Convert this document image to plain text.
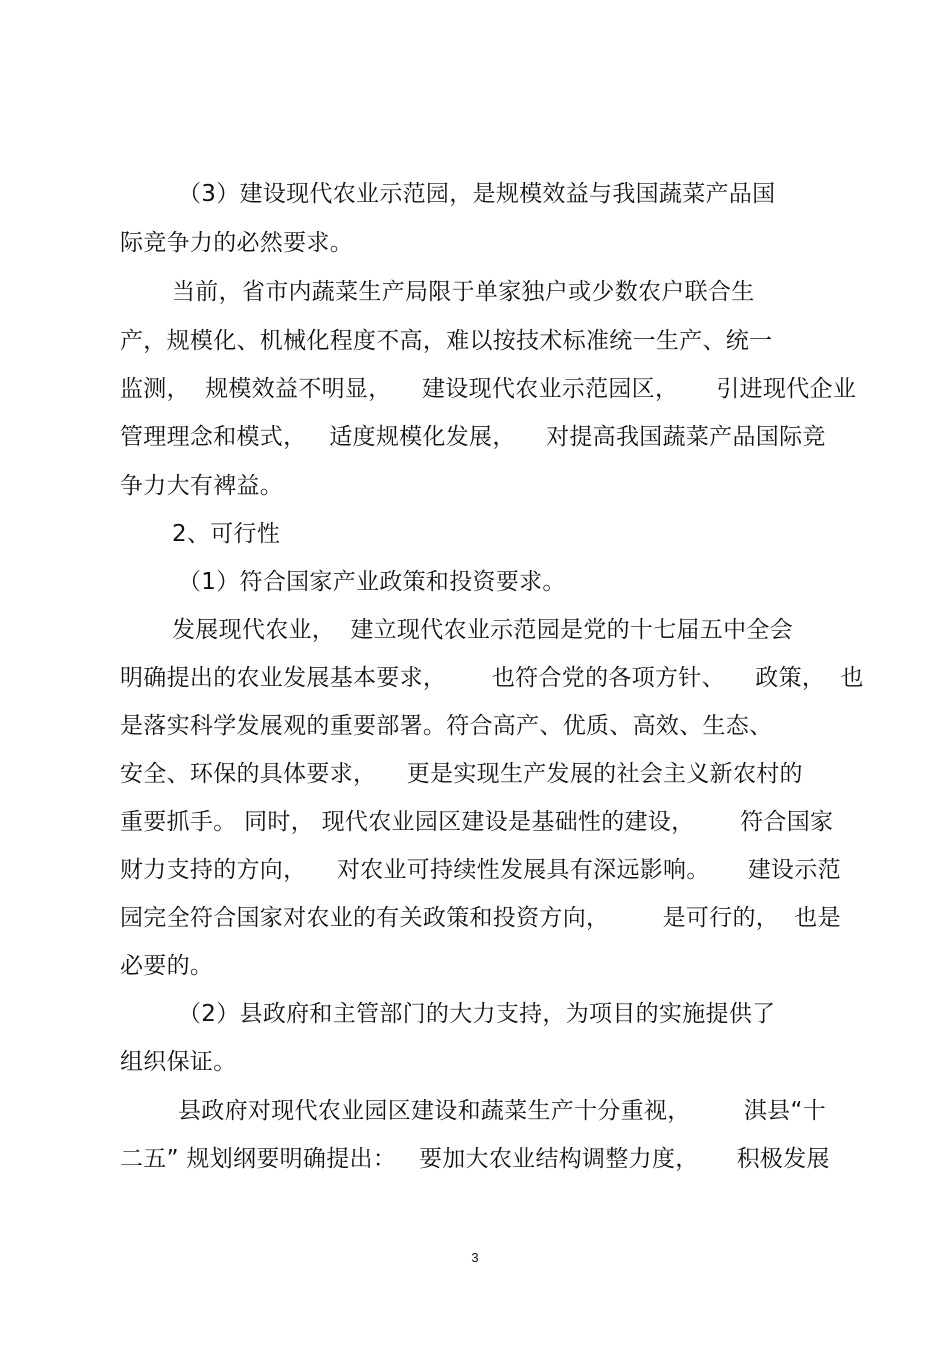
（3）建设现代农业示范园，是规模效益与我国蔬菜产品国
际竞争力的必然要求。
当前，省市内蔬菜生产局限于单家独户或少数农户联合生
产，规模化、机械化程度不高，难以按技术标准统一生产、统一
监测，  规模效益不明显，    建设现代农业示范园区，     引进现代企业
管理理念和模式，   适度规模化发展，    对提高我国蔬菜产品国际竞
争力大有裨益。
2、可行性
（1）符合国家产业政策和投资要求。
发展现代农业，  建立现代农业示范园是党的十七届五中全会
明确提出的农业发展基本要求，      也符合党的各项方针、    政策，  也
是落实科学发展观的重要部署。符合高产、优质、高效、生态、
安全、环保的具体要求，    更是实现生产发展的社会主义新农村的
重要抓手。 同时， 现代农业园区建设是基础性的建设，      符合国家
财力支持的方向，    对农业可持续性发展具有深远影响。     建设示范
园完全符合国家对农业的有关政策和投资方向，       是可行的，  也是
必要的。
（2）县政府和主管部门的大力支持，为项目的实施提供了
组织保证。
县政府对现代农业园区建设和蔬菜生产十分重视，       淇县“十
二五” 规划纲要明确提出：   要加大农业结构调整力度，     积极发展
3
